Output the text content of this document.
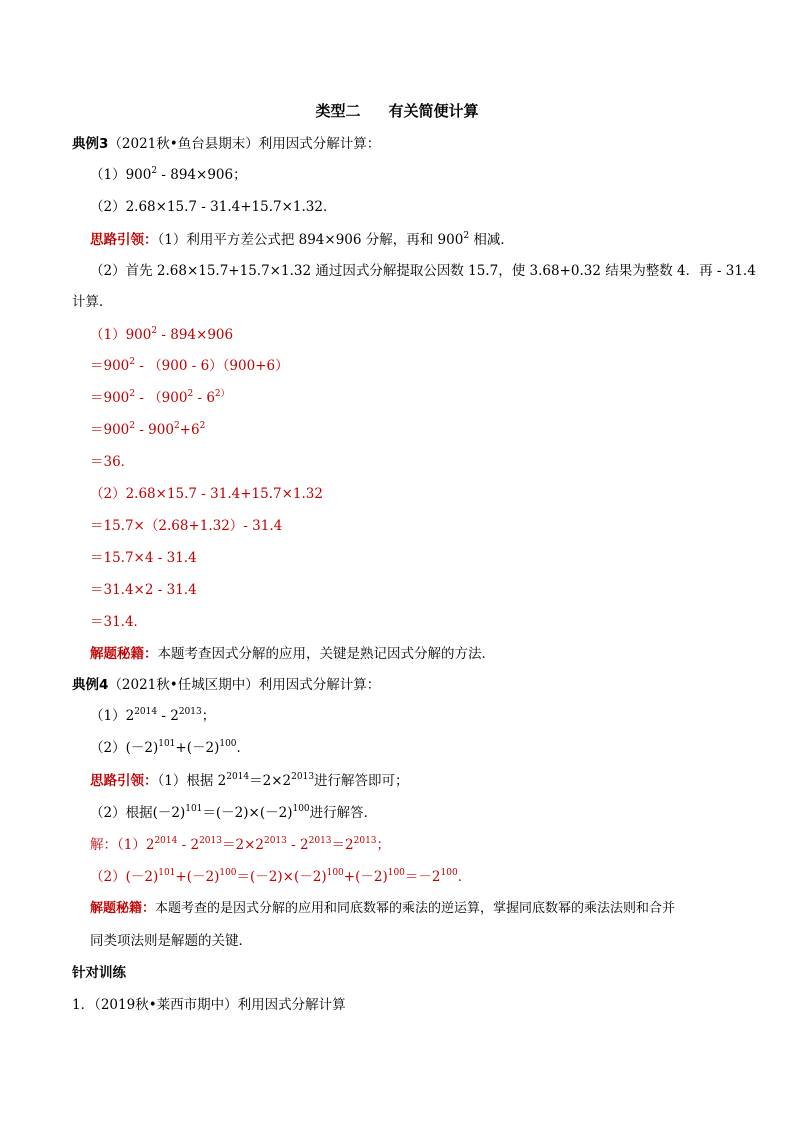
类型二 有关简便计算
典例3（2021秋•鱼台县期末）利用因式分解计算：
$(1)900^2 - 894\times 906$；
（2）2.68×15.7 - 31.4+15.7×1.32．
思路引领：（1）利用平方差公式把 894×906 分解，再和 $900^2$ 相减．
（2）首先 2.68×15.7+15.7×1.32 通过因式分解提取公因数 15.7，使 3.68+0.32 结果为整数 4．再 - 31.4
计算．
$(1)900^2 - 894\times 906$
$=900^2 - (900 - 6)(900+6)$
$=900^2 - (900^2 - 6^{2)}$
$=900^2 - 900^2+6^2$
＝36．
（2）2.68×15.7 - 31.4+15.7×1.32
＝15.7×（2.68+1.32）- 31.4
＝15.7×4 - 31.4
＝31.4×2 - 31.4
＝31.4．
解题秘籍：本题考查因式分解的应用，关键是熟记因式分解的方法．
典例4（2021秋•任城区期中）利用因式分解计算：
$(1)2^{2014} - 2^{2013}$；
$(2)(-2)^{101}+(-2)^{100}$．
思路引领：（1）根据 $2^{2014}=2\times 2^{2013}$进行解答即可；
（2）根据$(-2)^{101}=(-2)\times(-2)^{100}$进行解答．
解：$(1)2^{2014} - 2^{2013}=2\times 2^{2013} - 2^{2013}=2^{2013}$；
$(2)(-2)^{101}+(-2)^{100}=(-2)\times(-2)^{100}+(-2)^{100}=-2^{100}$．
解题秘籍：本题考查的是因式分解的应用和同底数幂的乘法的逆运算，掌握同底数幂的乘法法则和合并
同类项法则是解题的关键．
针对训练
1．（2019秋•莱西市期中）利用因式分解计算
